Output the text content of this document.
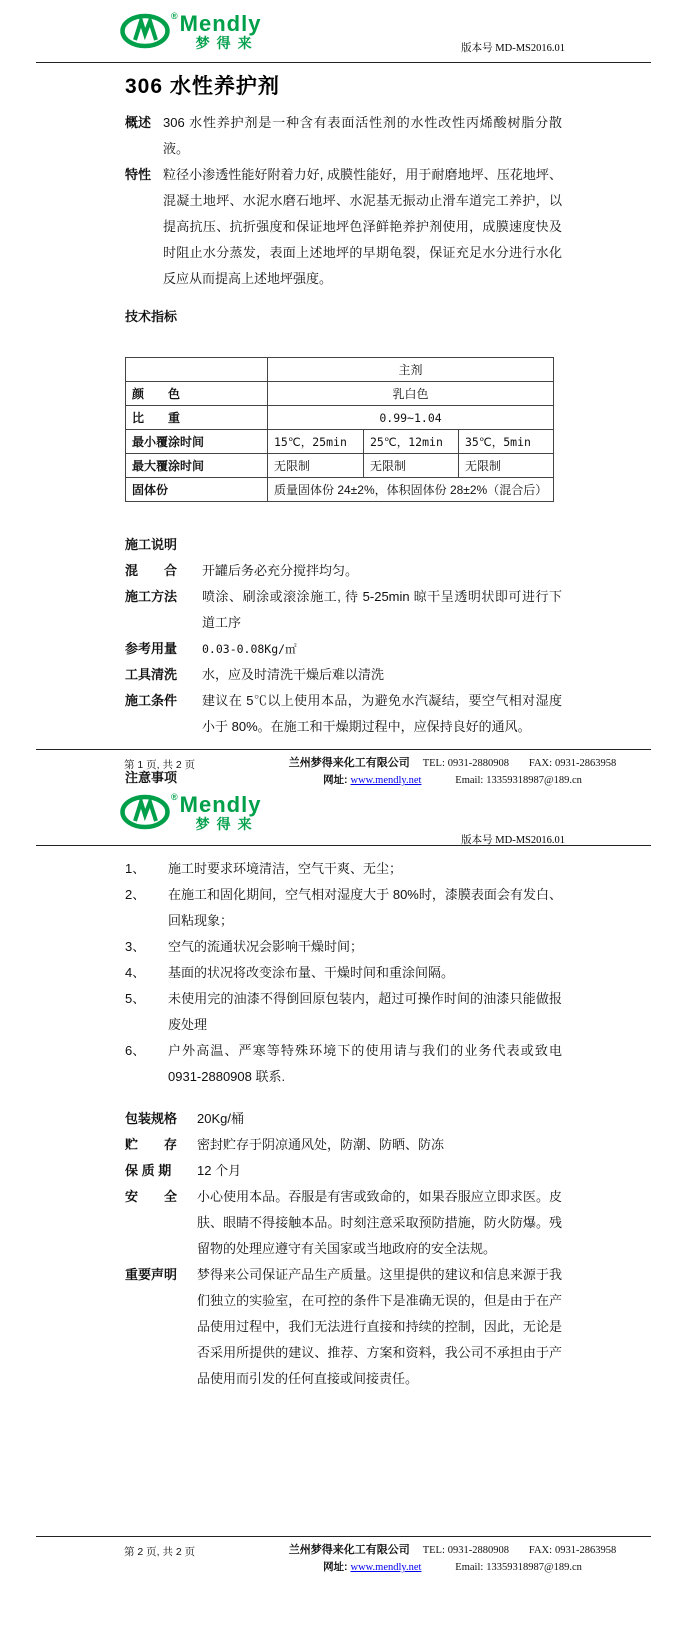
® Mendly
梦得来	版本号 MD-MS2016.01
306 水性养护剂
概述 306 水性养护剂是一种含有表面活性剂的水性改性丙烯酸树脂分散液。
特性 粒径小渗透性能好附着力好, 成膜性能好，用于耐磨地坪、压花地坪、混凝土地坪、水泥水磨石地坪、水泥基无振动止滑车道完工养护，以提高抗压、抗折强度和保证地坪色泽鲜艳养护剂使用，成膜速度快及时阻止水分蒸发，表面上述地坪的早期龟裂，保证充足水分进行水化反应从而提高上述地坪强度。
技术指标
	主剂		
颜　　色	乳白色		
比　　重	0.99~1.04		
最小覆涂时间	15℃，25min	25℃，12min	35℃，5min
最大覆涂时间	无限制	无限制	无限制
固体份	质量固体份 24±2%，体积固体份 28±2%（混合后）		
施工说明
混　　合	开罐后务必充分搅拌均匀。
施工方法	喷涂、刷涂或滚涂施工, 待 5-25min 晾干呈透明状即可进行下道工序
参考用量	0.03-0.08Kg/㎡
工具清洗	水，应及时清洗干燥后难以清洗
施工条件	建议在 5℃以上使用本品，为避免水汽凝结，要空气相对湿度小于 80%。在施工和干燥期过程中，应保持良好的通风。
注意事项
第 1 页, 共 2 页	兰州梦得来化工有限公司 TEL: 0931-2880908 FAX: 0931-2863958
网址: www.mendly.net	Email: 13359318987@189.cn
® Mendly
梦得来
版本号 MD-MS2016.01
1、	施工时要求环境清洁，空气干爽、无尘；
2、	在施工和固化期间，空气相对湿度大于 80%时，漆膜表面会有发白、回粘现象；
3、	空气的流通状况会影响干燥时间；
4、	基面的状况将改变涂布量、干燥时间和重涂间隔。
5、	未使用完的油漆不得倒回原包装内，超过可操作时间的油漆只能做报废处理
6、	户外高温、严寒等特殊环境下的使用请与我们的业务代表或致电 0931-2880908 联系.
包装规格	20Kg/桶
贮　　存	密封贮存于阴凉通风处，防潮、防晒、防冻
保 质 期	12 个月
安　　全	小心使用本品。吞服是有害或致命的，如果吞服应立即求医。皮肤、眼睛不得接触本品。时刻注意采取预防措施，防火防爆。残留物的处理应遵守有关国家或当地政府的安全法规。
重要声明	梦得来公司保证产品生产质量。这里提供的建议和信息来源于我们独立的实验室，在可控的条件下是准确无误的，但是由于在产品使用过程中，我们无法进行直接和持续的控制，因此，无论是否采用所提供的建议、推荐、方案和资料，我公司不承担由于产品使用而引发的任何直接或间接责任。
第 2 页, 共 2 页	兰州梦得来化工有限公司 TEL: 0931-2880908 FAX: 0931-2863958
网址: www.mendly.net	Email: 13359318987@189.cn
